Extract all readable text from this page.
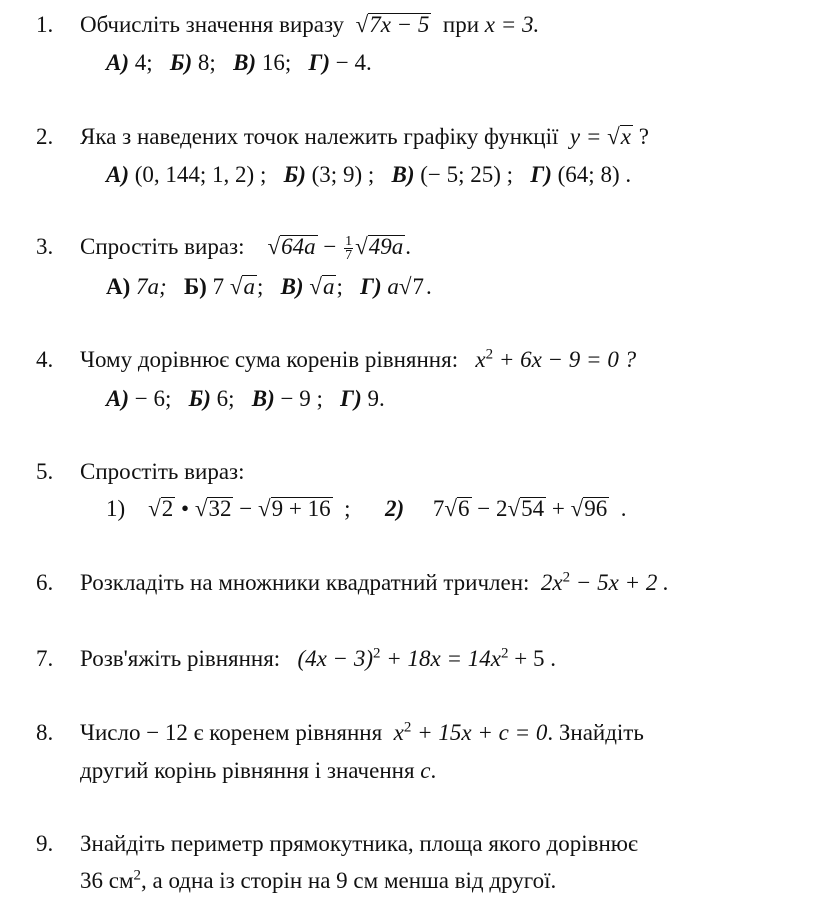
1. Обчисліть значення виразу √7x − 5 при x = 3.
А) 4; Б) 8; В) 16; Г) − 4.
2. Яка з наведених точок належить графіку функції y = √x ?
А) (0, 144; 1, 2) ; Б) (3; 9) ; В) (− 5; 25) ; Г) (64; 8) .
3. Спростіть вираз: $√64a - \frac{1}{7} √49a$.
А) 7a; Б) 7 √a; В) √a; Г) a√7.
4. Чому дорівнює сума коренів рівняння: $x^2 + 6x - 9 = 0$ ?
А) − 6; Б) 6; В) − 9 ; Г) 9.
5. Спростіть вираз:
1) √2 • √32 − √9 + 16 ; 2) 7√6 − 2√54 + √96 .
6. Розкладіть на множники квадратний тричлен: $2x^2 - 5x + 2$ .
7. Розв'яжіть рівняння: $(4x - 3)^2 + 18x = 14x^2 + 5$ .
8. Число − 12 є коренем рівняння $x^2 + 15x + c = 0$. Знайдіть
другий корінь рівняння і значення c.
9. Знайдіть периметр прямокутника, площа якого дорівнює
36 $см^2$, а одна із сторін на 9 см менша від другої.
